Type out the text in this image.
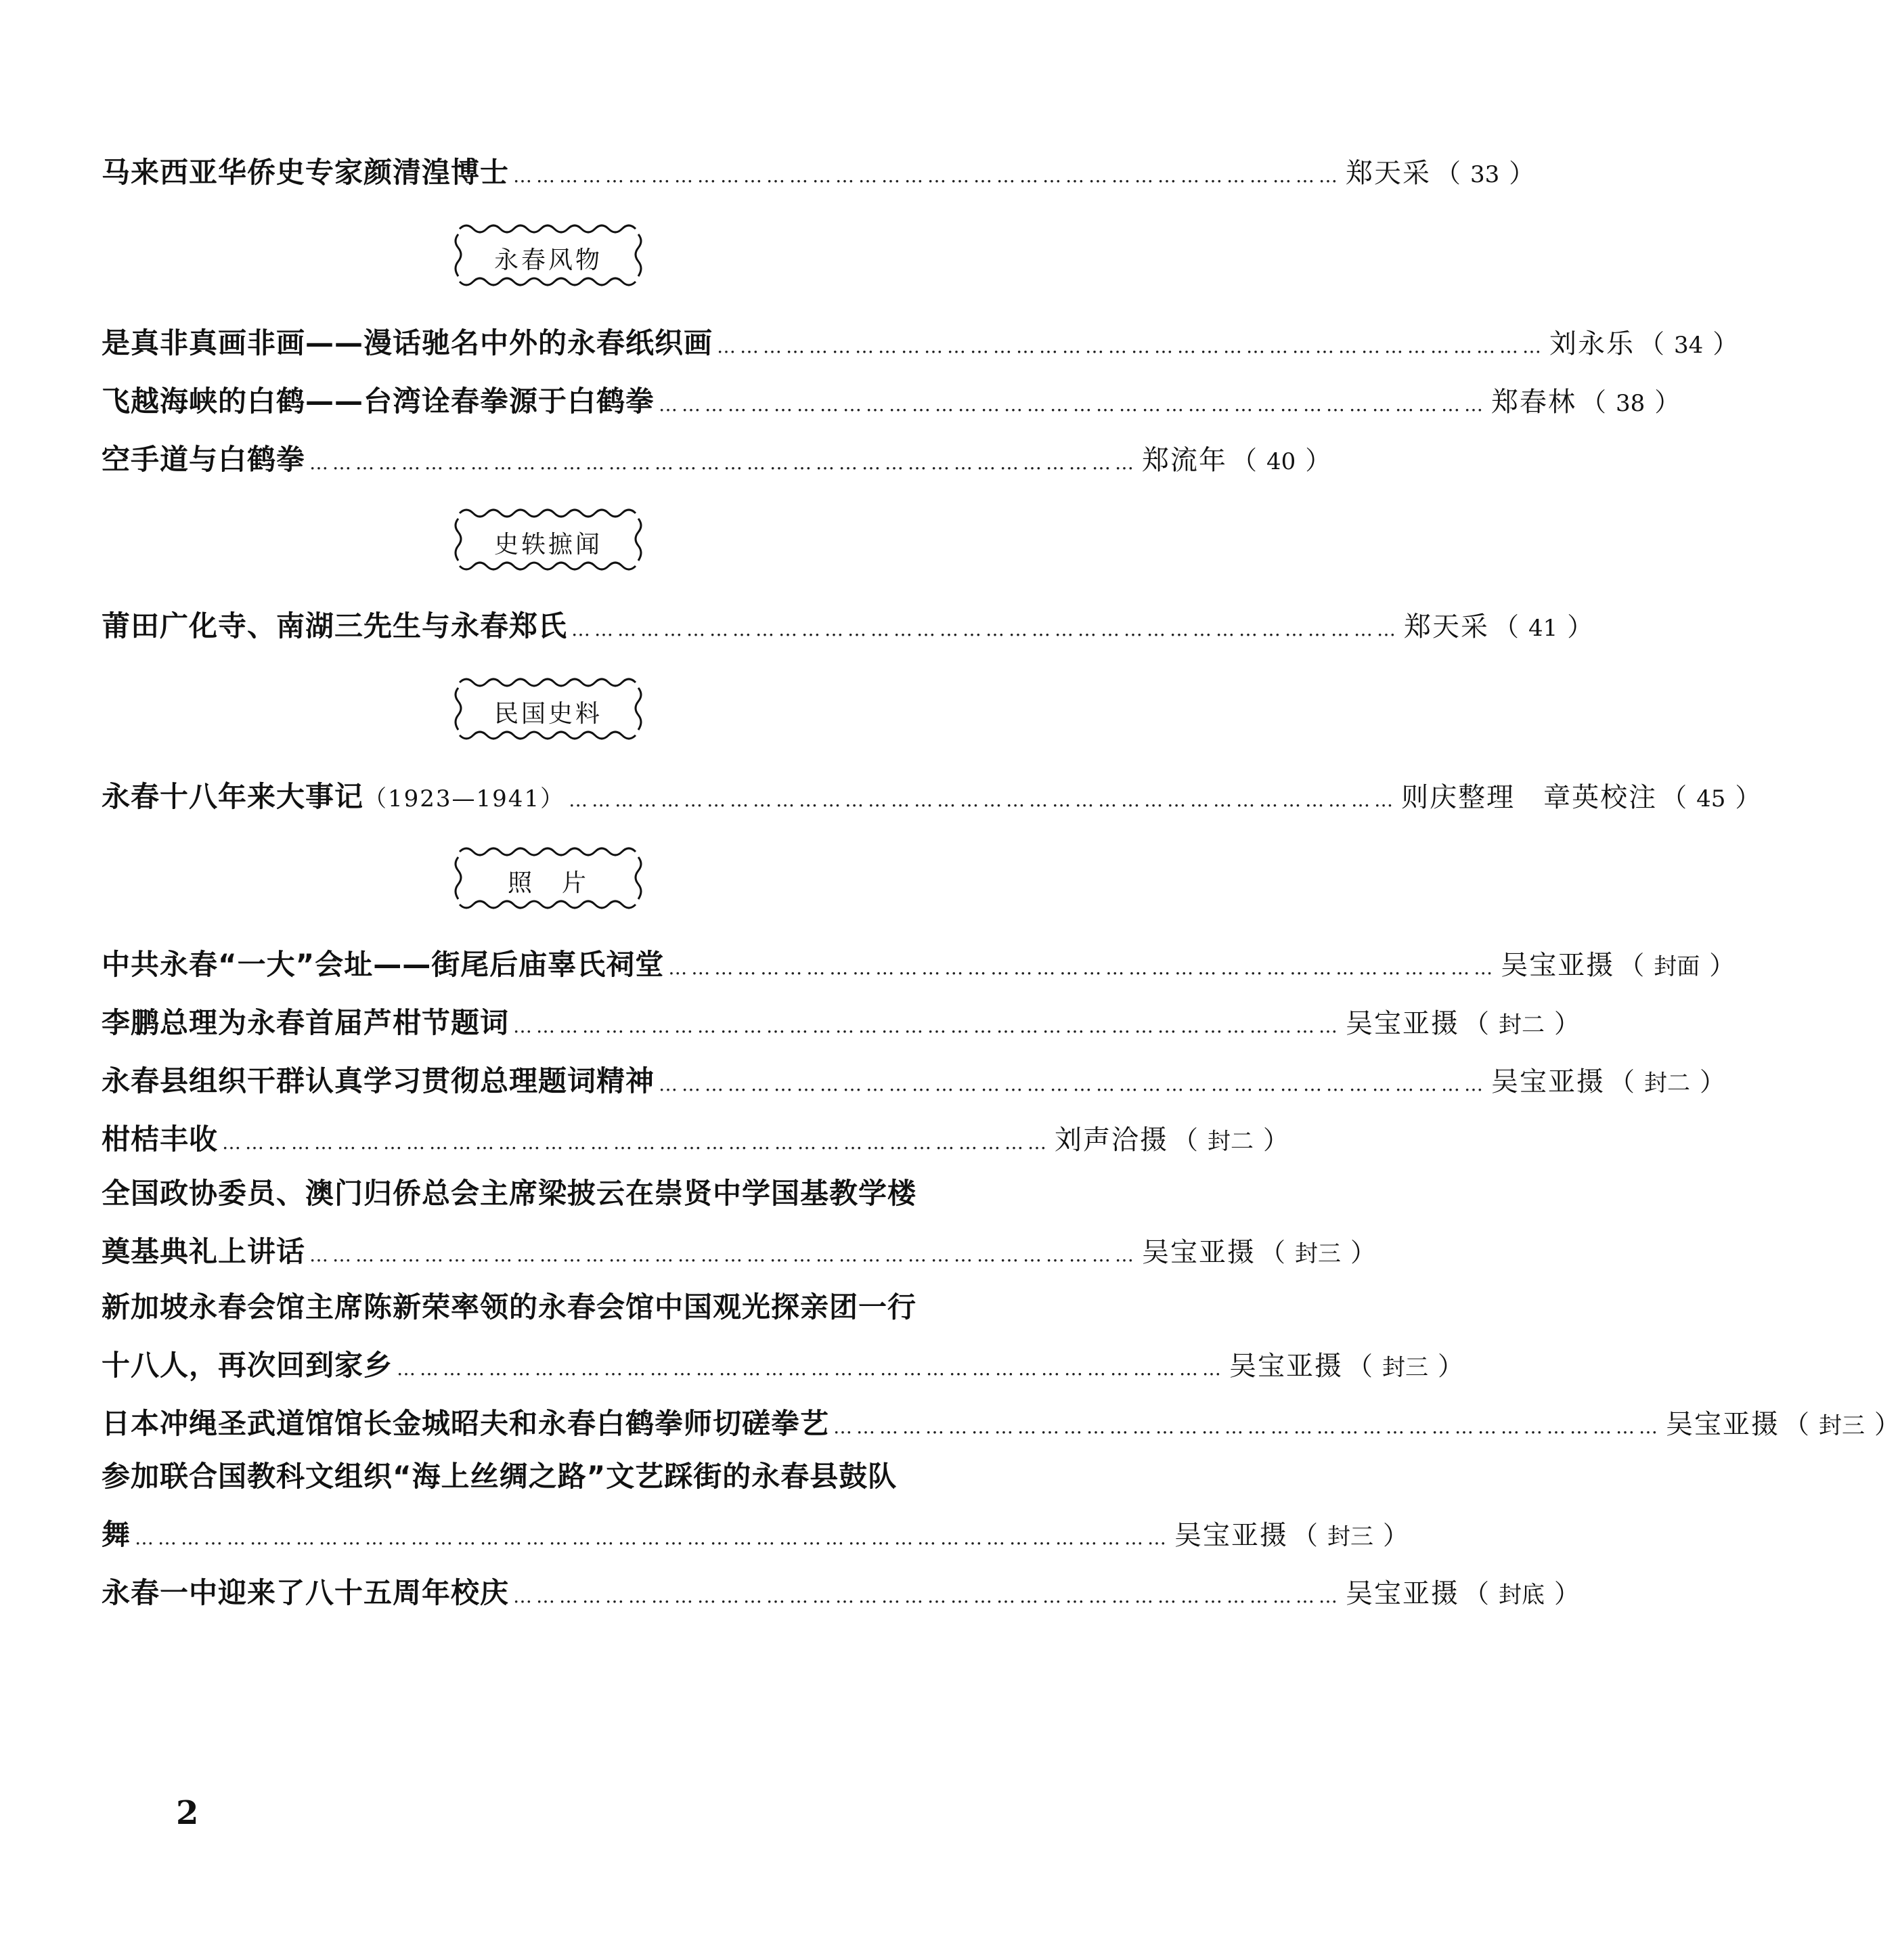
马来西亚华侨史专家颜清湟博士 ……………………………………………………………………………………………… 郑天采 （ 33 ）
永春风物
是真非真画非画——漫话驰名中外的永春纸织画 ……………………………………………………………………………………………… 刘永乐 （ 34 ）
飞越海峡的白鹤——台湾诠春拳源于白鹤拳 ……………………………………………………………………………………………… 郑春林 （ 38 ）
空手道与白鹤拳 ……………………………………………………………………………………………… 郑流年 （ 40 ）
史轶摭闻
莆田广化寺、南湖三先生与永春郑氏 ……………………………………………………………………………………………… 郑天采 （ 41 ）
民国史料
永春十八年来大事记（1923—1941） ……………………………………………………………………………………………… 则庆整理　章英校注 （ 45 ）
照　片
中共永春“一大”会址——街尾后庙辜氏祠堂 ……………………………………………………………………………………………… 吴宝亚摄 （ 封面 ）
李鹏总理为永春首届芦柑节题词 ……………………………………………………………………………………………… 吴宝亚摄 （ 封二 ）
永春县组织干群认真学习贯彻总理题词精神 ……………………………………………………………………………………………… 吴宝亚摄 （ 封二 ）
柑桔丰收 ……………………………………………………………………………………………… 刘声洽摄 （ 封二 ）
全国政协委员、澳门归侨总会主席梁披云在崇贤中学国基教学楼
奠基典礼上讲话 ……………………………………………………………………………………………… 吴宝亚摄 （ 封三 ）
新加坡永春会馆主席陈新荣率领的永春会馆中国观光探亲团一行
十八人，再次回到家乡 ……………………………………………………………………………………………… 吴宝亚摄 （ 封三 ）
日本冲绳圣武道馆馆长金城昭夫和永春白鹤拳师切磋拳艺 ……………………………………………………………………………………………… 吴宝亚摄 （ 封三 ）
参加联合国教科文组织“海上丝绸之路”文艺踩街的永春县鼓队
舞 ……………………………………………………………………………………………………………………… 吴宝亚摄 （ 封三 ）
永春一中迎来了八十五周年校庆 ……………………………………………………………………………………………… 吴宝亚摄 （ 封底 ）
2
